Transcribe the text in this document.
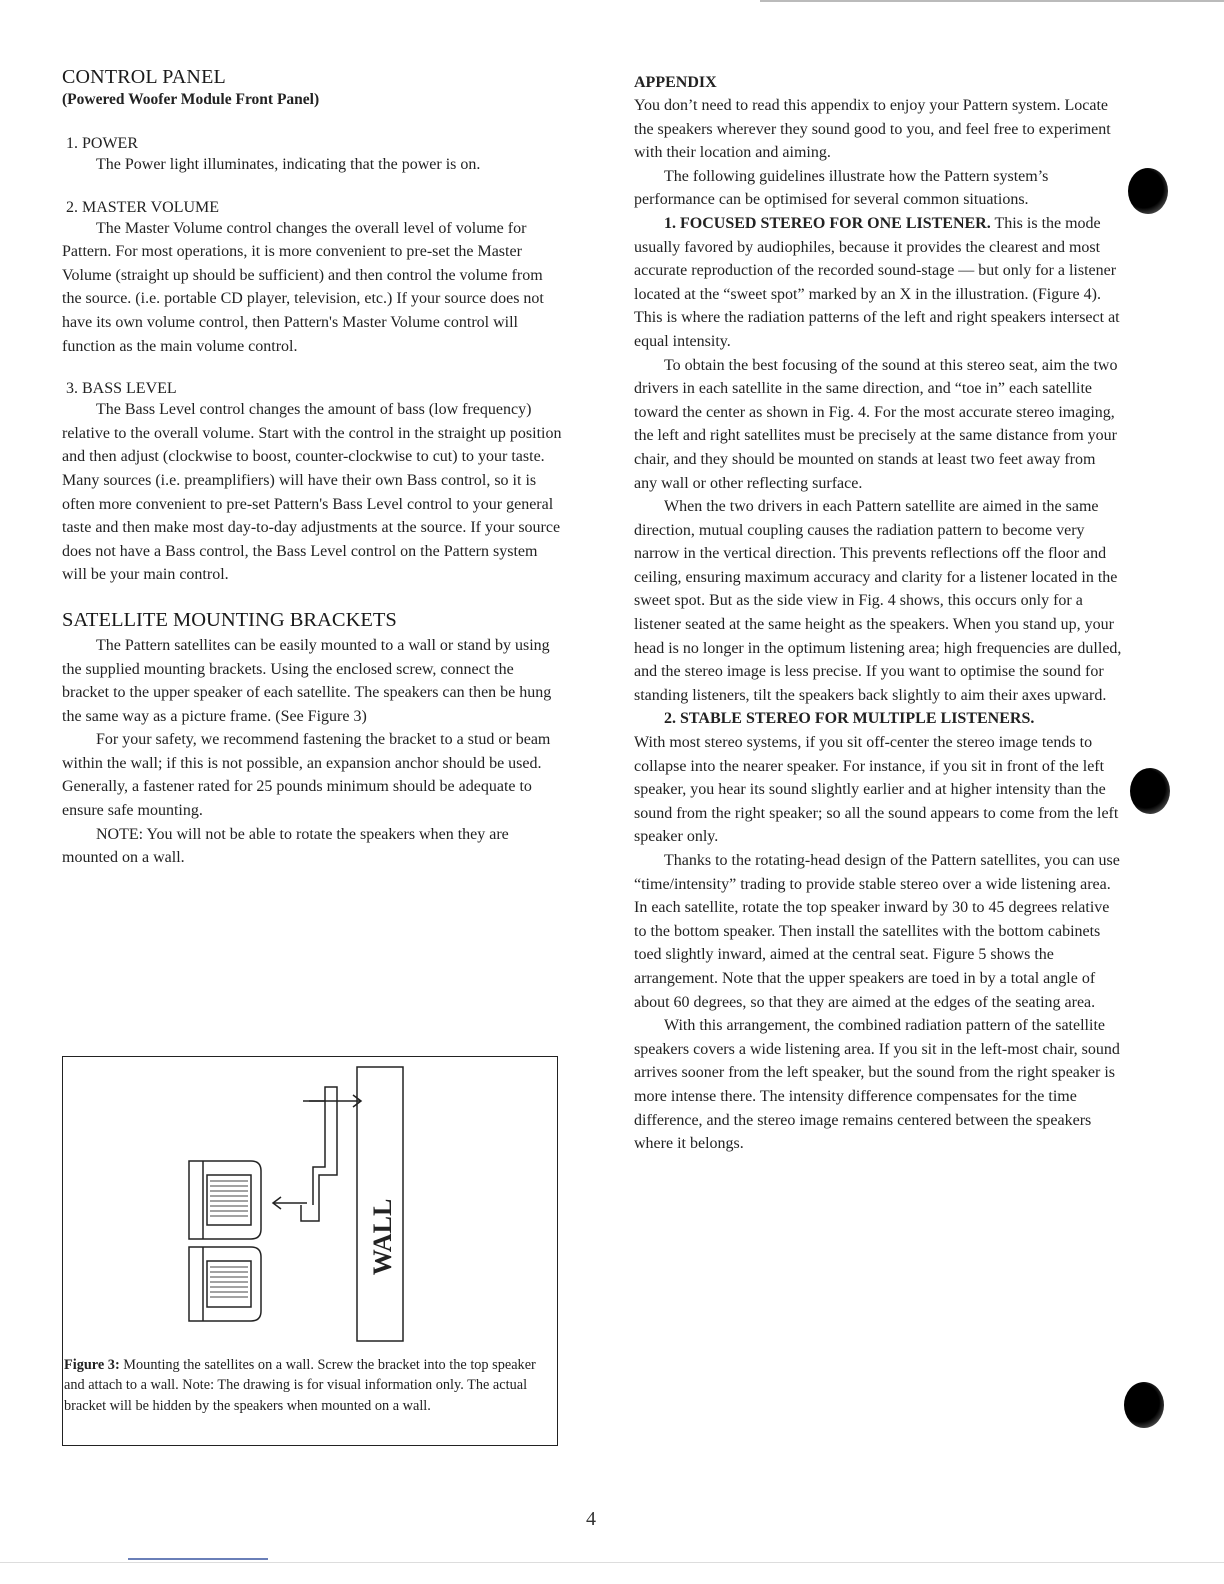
CONTROL PANEL
(Powered Woofer Module Front Panel)
1. POWER

The Power light illuminates, indicating that the power is on.

2. MASTER VOLUME

The Master Volume control changes the overall level of volume for Pattern. For most operations, it is more convenient to pre-set the Master Volume (straight up should be sufficient) and then control the volume from the source. (i.e. portable CD player, television, etc.) If your source does not have its own volume control, then Pattern's Master Volume control will function as the main volume control.

3. BASS LEVEL

The Bass Level control changes the amount of bass (low frequency) relative to the overall volume. Start with the control in the straight up position and then adjust (clockwise to boost, counter-clockwise to cut) to your taste. Many sources (i.e. preamplifiers) will have their own Bass control, so it is often more convenient to pre-set Pattern's Bass Level control to your general taste and then make most day-to-day adjustments at the source. If your source does not have a Bass control, the Bass Level control on the Pattern system will be your main control.

SATELLITE MOUNTING BRACKETS

The Pattern satellites can be easily mounted to a wall or stand by using the supplied mounting brackets. Using the enclosed screw, connect the bracket to the upper speaker of each satellite. The speakers can then be hung the same way as a picture frame. (See Figure 3)

For your safety, we recommend fastening the bracket to a stud or beam within the wall; if this is not possible, an expansion anchor should be used. Generally, a fastener rated for 25 pounds minimum should be adequate to ensure safe mounting.

NOTE: You will not be able to rotate the speakers when they are mounted on a wall.

WALL
Figure 3: Mounting the satellites on a wall. Screw the bracket into the top speaker and attach to a wall. Note: The drawing is for visual information only. The actual bracket will be hidden by the speakers when mounted on a wall.
APPENDIX

You don’t need to read this appendix to enjoy your Pattern system. Locate the speakers wherever they sound good to you, and feel free to experiment with their location and aiming.

The following guidelines illustrate how the Pattern system’s performance can be optimised for several common situations.

1. FOCUSED STEREO FOR ONE LISTENER. This is the mode usually favored by audiophiles, because it provides the clearest and most accurate reproduction of the recorded sound-stage — but only for a listener located at the “sweet spot” marked by an X in the illustration. (Figure 4). This is where the radiation patterns of the left and right speakers intersect at equal intensity.

To obtain the best focusing of the sound at this stereo seat, aim the two drivers in each satellite in the same direction, and “toe in” each satellite toward the center as shown in Fig. 4. For the most accurate stereo imaging, the left and right satellites must be precisely at the same distance from your chair, and they should be mounted on stands at least two feet away from any wall or other reflecting surface.

When the two drivers in each Pattern satellite are aimed in the same direction, mutual coupling causes the radiation pattern to become very narrow in the vertical direction. This prevents reflections off the floor and ceiling, ensuring maximum accuracy and clarity for a listener located in the sweet spot. But as the side view in Fig. 4 shows, this occurs only for a listener seated at the same height as the speakers. When you stand up, your head is no longer in the optimum listening area; high frequencies are dulled, and the stereo image is less precise. If you want to optimise the sound for standing listeners, tilt the speakers back slightly to aim their axes upward.

2. STABLE STEREO FOR MULTIPLE LISTENERS.

With most stereo systems, if you sit off-center the stereo image tends to collapse into the nearer speaker. For instance, if you sit in front of the left speaker, you hear its sound slightly earlier and at higher intensity than the sound from the right speaker; so all the sound appears to come from the left speaker only.

Thanks to the rotating-head design of the Pattern satellites, you can use “time/intensity” trading to provide stable stereo over a wide listening area. In each satellite, rotate the top speaker inward by 30 to 45 degrees relative to the bottom speaker. Then install the satellites with the bottom cabinets toed slightly inward, aimed at the central seat. Figure 5 shows the arrangement. Note that the upper speakers are toed in by a total angle of about 60 degrees, so that they are aimed at the edges of the seating area.

With this arrangement, the combined radiation pattern of the satellite speakers covers a wide listening area. If you sit in the left-most chair, sound arrives sooner from the left speaker, but the sound from the right speaker is more intense there. The intensity difference compensates for the time difference, and the stereo image remains centered between the speakers where it belongs.

4
